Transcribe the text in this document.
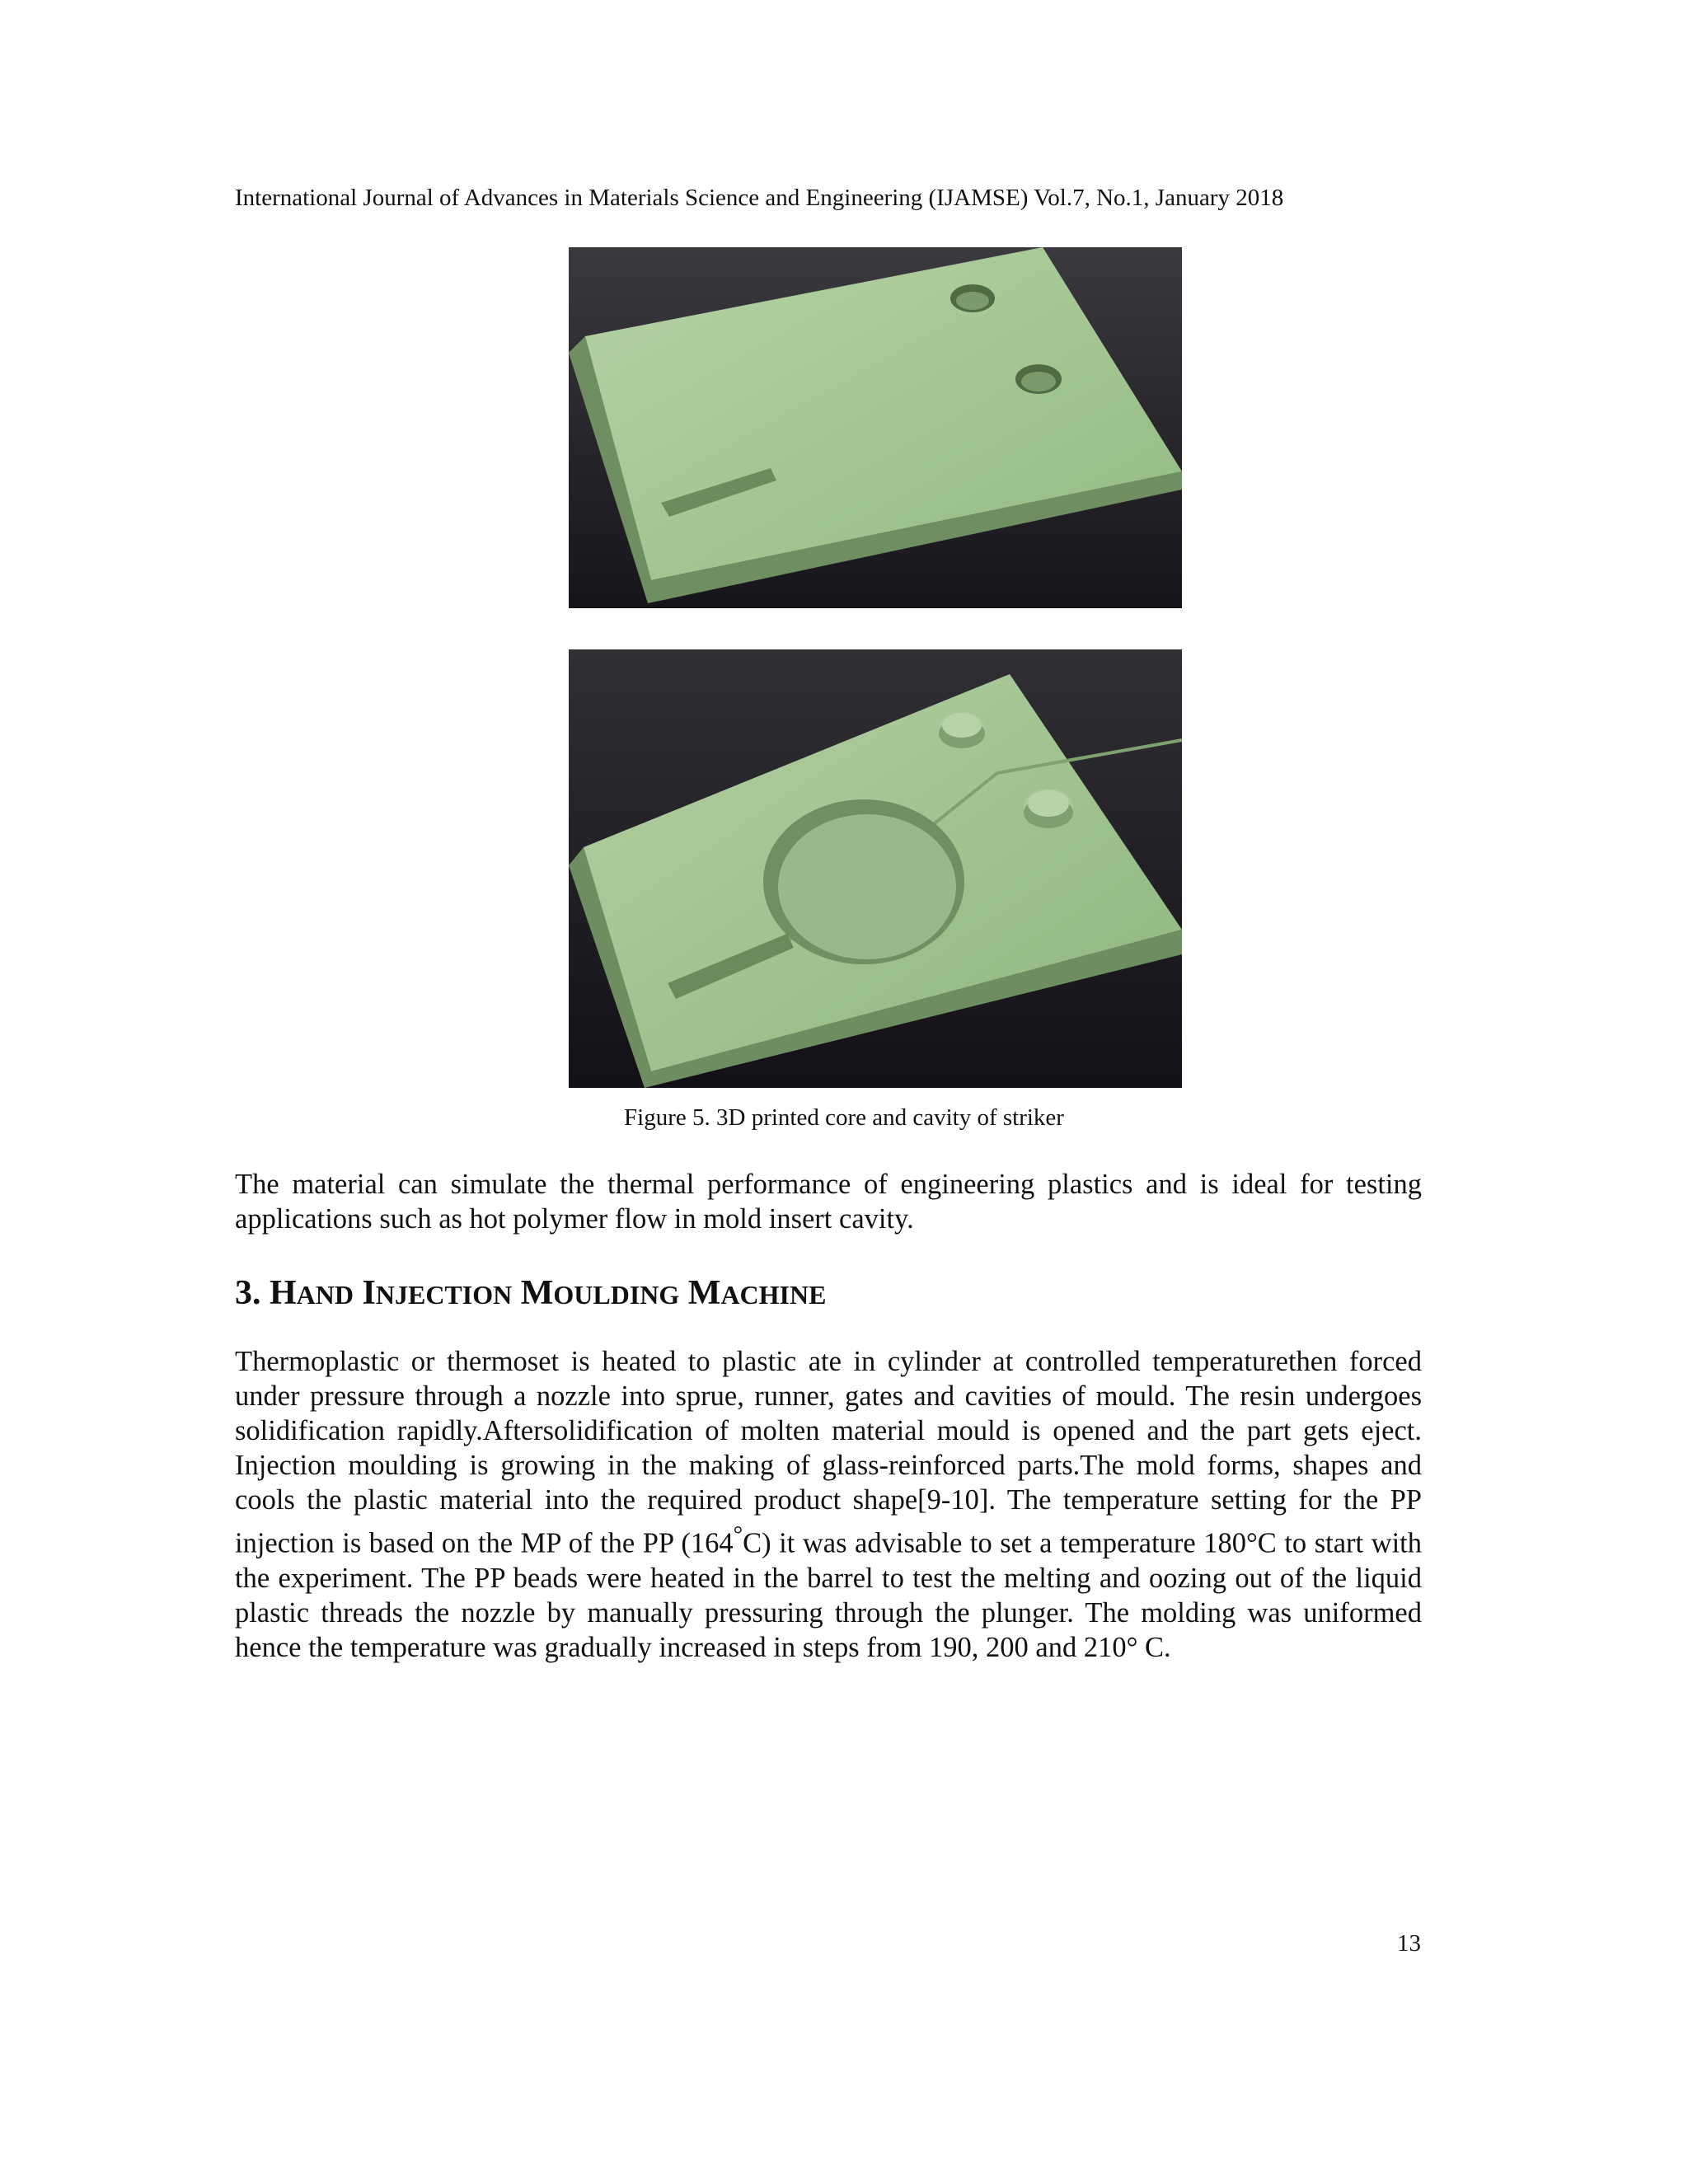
International Journal of Advances in Materials Science and Engineering (IJAMSE) Vol.7, No.1, January 2018
Figure 5. 3D printed core and cavity of striker

The material can simulate the thermal performance of engineering plastics and is ideal for testing applications such as hot polymer flow in mold insert cavity.

3. HAND INJECTION MOULDING MACHINE

Thermoplastic or thermoset is heated to plastic ate in cylinder at controlled temperaturethen forced under pressure through a nozzle into sprue, runner, gates and cavities of mould. The resin undergoes solidification rapidly.Aftersolidification of molten material mould is opened and the part gets eject. Injection moulding is growing in the making of glass-reinforced parts.The mold forms, shapes and cools the plastic material into the required product shape[9-10]. The temperature setting for the PP injection is based on the MP of the PP (164°C) it was advisable to set a temperature 180°C to start with the experiment. The PP beads were heated in the barrel to test the melting and oozing out of the liquid plastic threads the nozzle by manually pressuring through the plunger. The molding was uniformed hence the temperature was gradually increased in steps from 190, 200 and 210° C.

13
